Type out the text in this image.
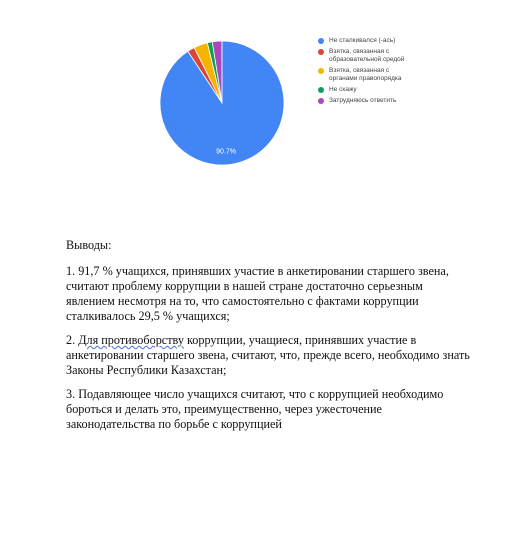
90.7%
Не сталкивался (-ась)
Взятка, связанная с
образовательной средой
Взятка, связанная с
органами правопорядка
Не скажу
Затрудняюсь ответить

Выводы:

1. 91,7 % учащихся, принявших участие в анкетировании старшего звена, считают проблему коррупции в нашей стране достаточно серьезным явлением несмотря на то, что самостоятельно с фактами коррупции сталкивалось 29,5 % учащихся;

2. Для противоборству коррупции, учащиеся, принявших участие в анкетировании старшего звена, считают, что, прежде всего, необходимо знать Законы Республики Казахстан;

3. Подавляющее число учащихся считают, что с коррупцией необходимо бороться и делать это, преимущественно, через ужесточение законодательства по борьбе с коррупцией
